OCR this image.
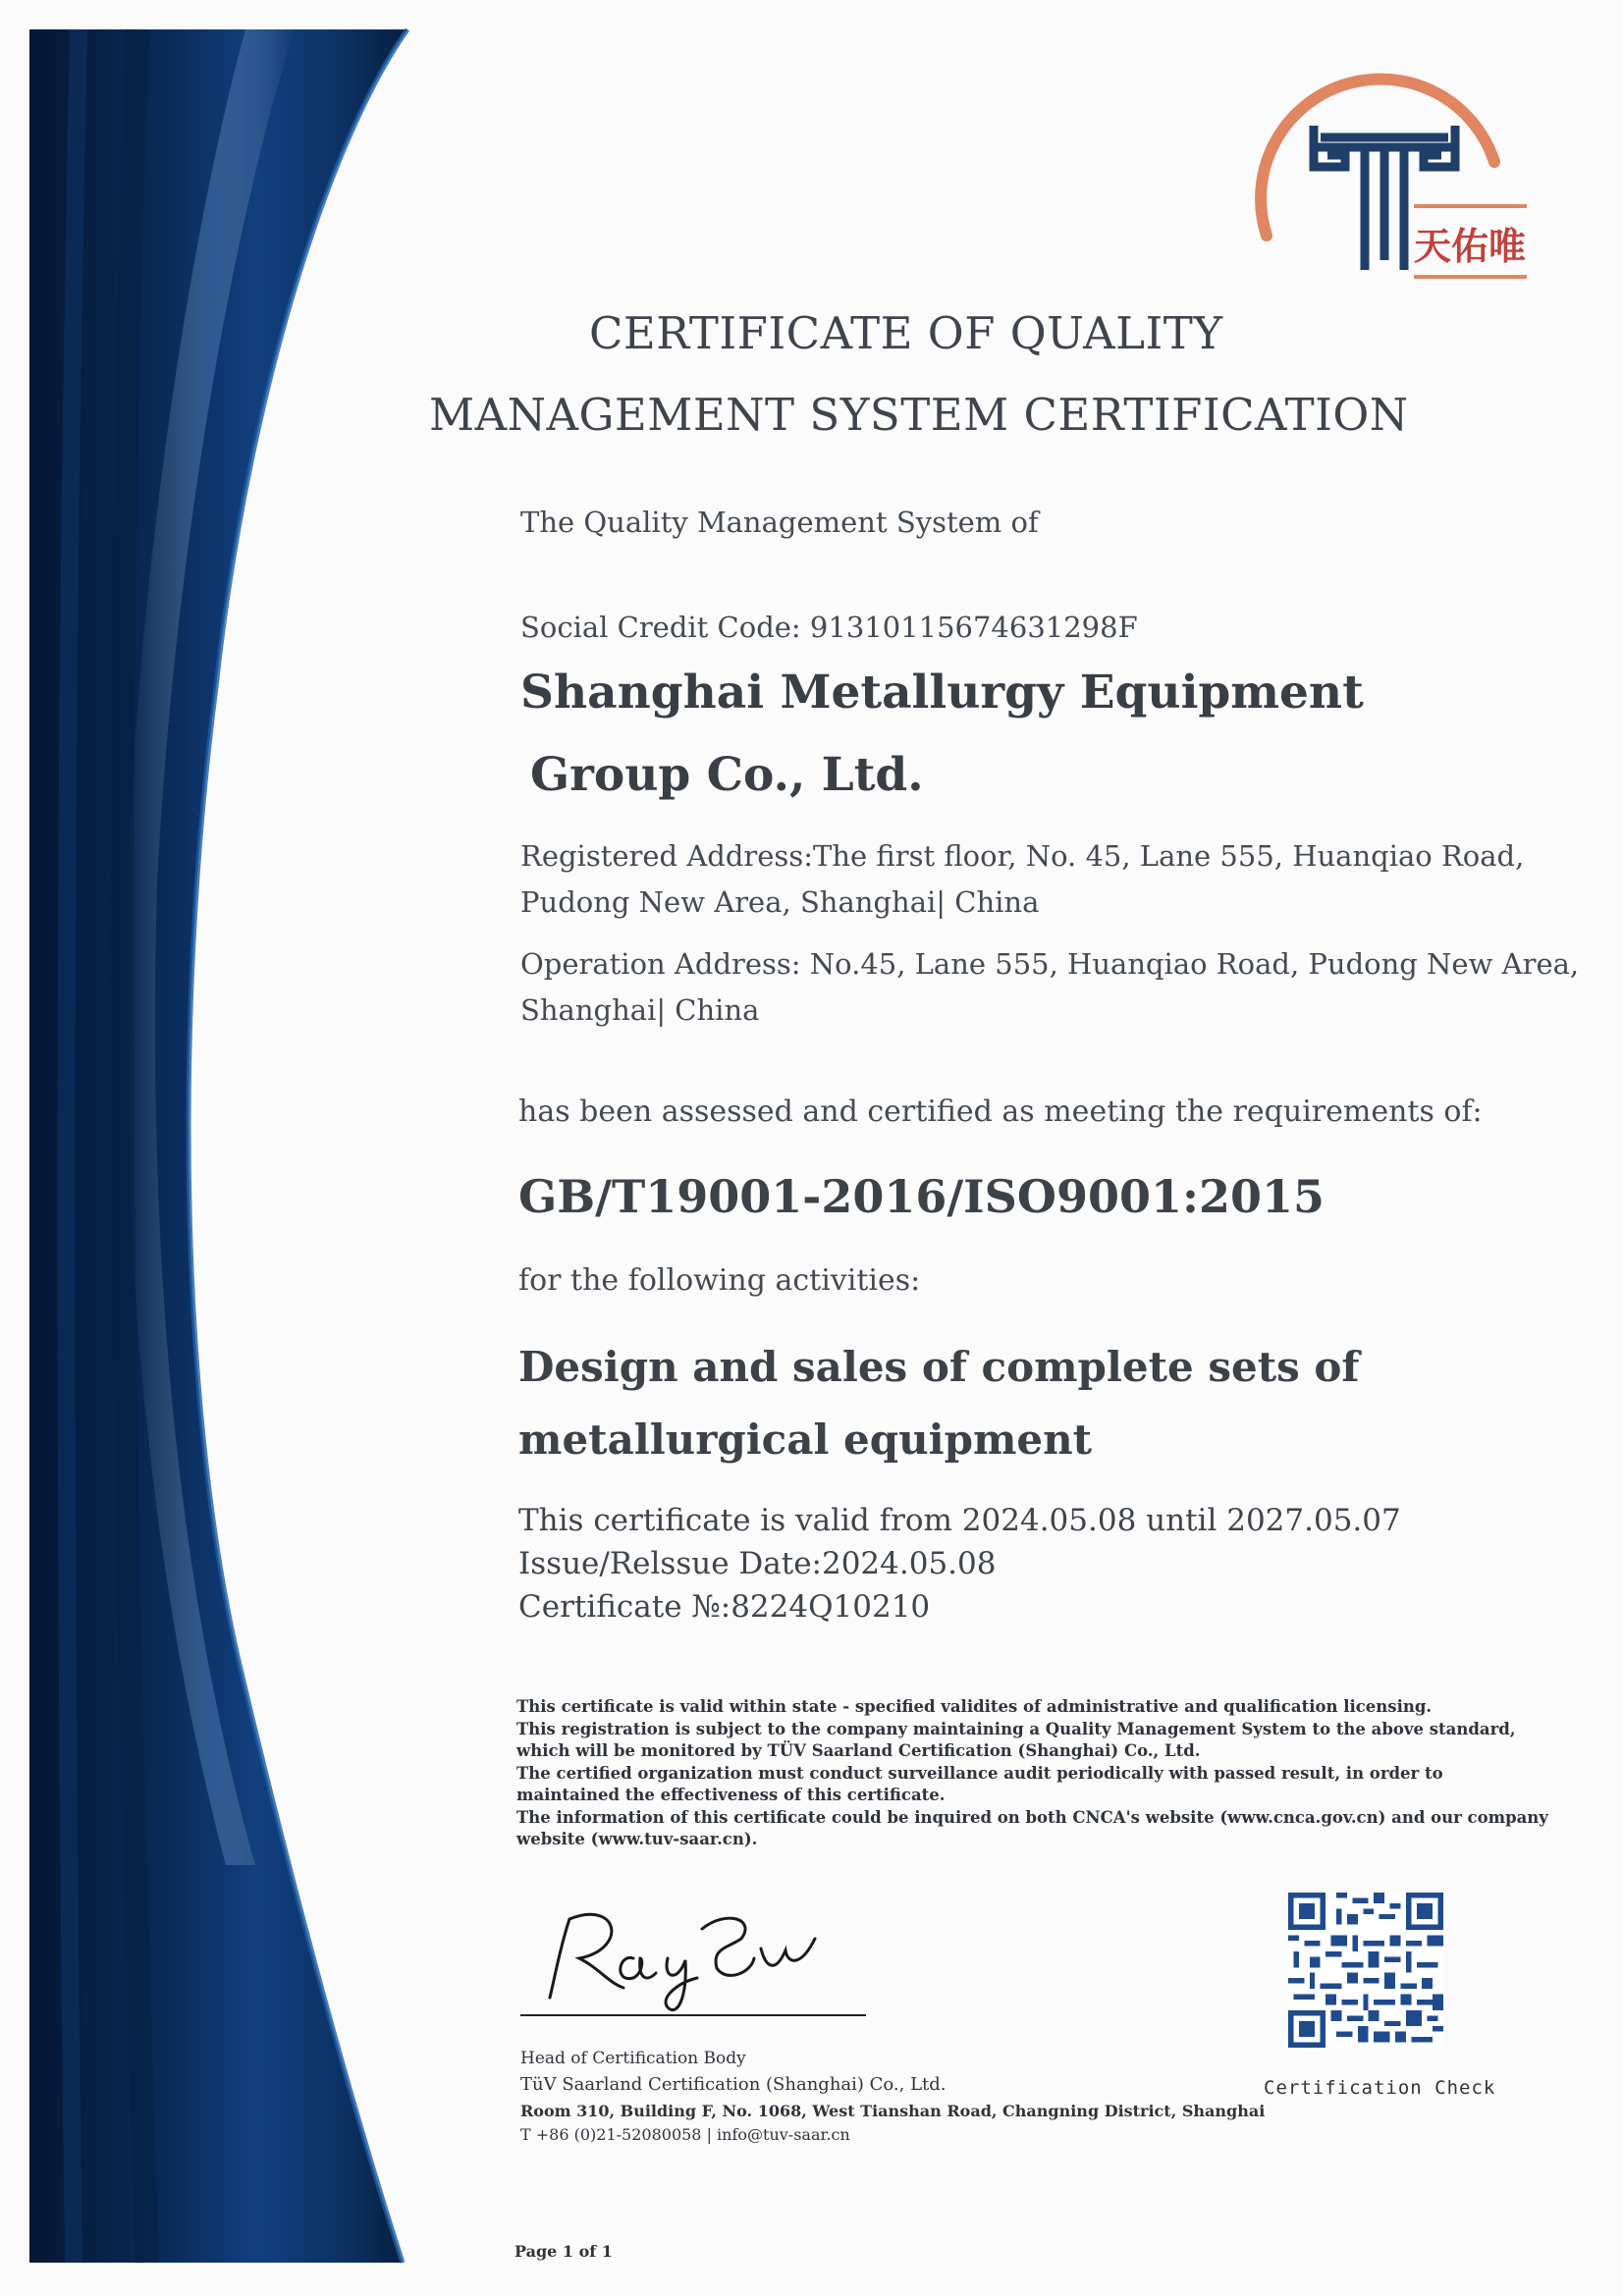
天佑唯
CERTIFICATE OF QUALITY
MANAGEMENT SYSTEM CERTIFICATION
The Quality Management System of
Social Credit Code: 91310115674631298F
Shanghai Metallurgy Equipment
Group Co., Ltd.
Registered Address:The first floor, No. 45, Lane 555, Huanqiao Road,
Pudong New Area, Shanghai| China
Operation Address: No.45, Lane 555, Huanqiao Road, Pudong New Area,
Shanghai| China
has been assessed and certified as meeting the requirements of:
GB/T19001-2016/ISO9001:2015
for the following activities:
Design and sales of complete sets of
metallurgical equipment
This certificate is valid from 2024.05.08 until 2027.05.07
Issue/Relssue Date:2024.05.08
Certificate №:8224Q10210
This certificate is valid within state - specified validites of administrative and qualification licensing.
This registration is subject to the company maintaining a Quality Management System to the above standard,
which will be monitored by TÜV Saarland Certification (Shanghai) Co., Ltd.
The certified organization must conduct surveillance audit periodically with passed result, in order to
maintained the effectiveness of this certificate.
The information of this certificate could be inquired on both CNCA's website (www.cnca.gov.cn) and our company
website (www.tuv-saar.cn).
Head of Certification Body
TüV Saarland Certification (Shanghai) Co., Ltd.
Room 310, Building F, No. 1068, West Tianshan Road, Changning District, Shanghai
T +86 (0)21-52080058 | info@tuv-saar.cn
Certification Check
Page 1 of 1
